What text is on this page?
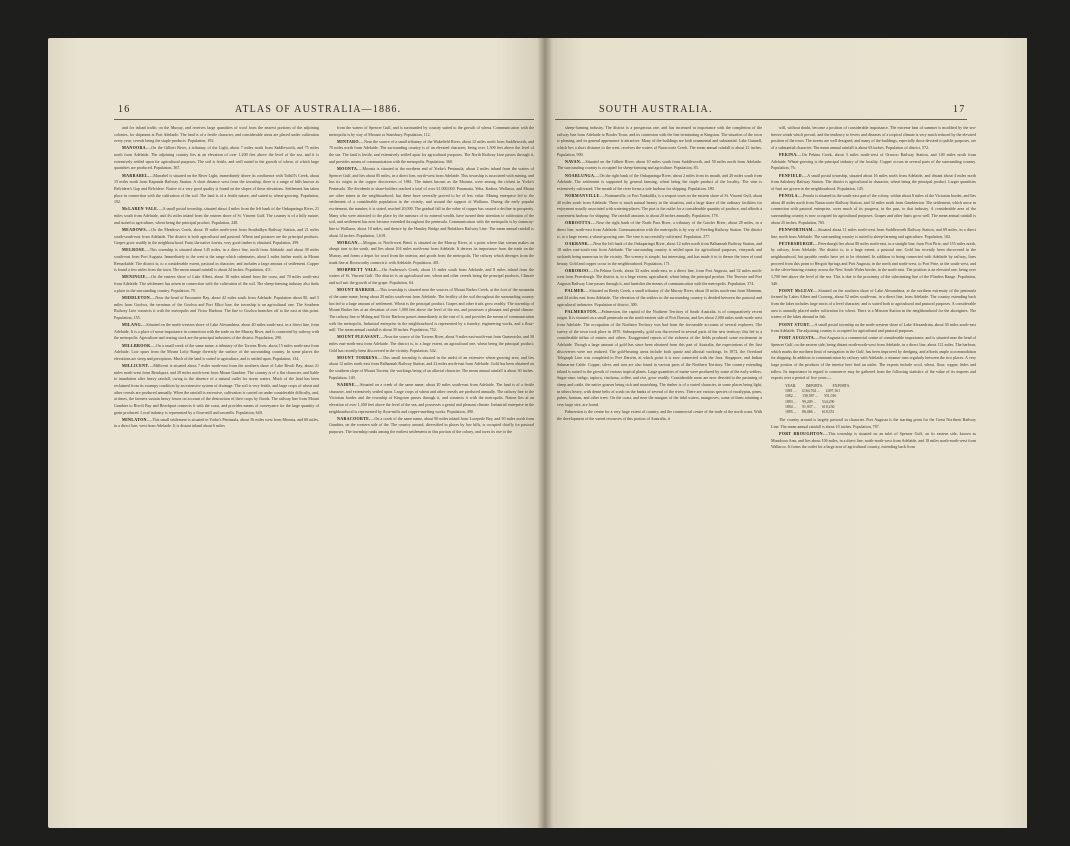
16	ATLAS OF AUSTRALIA—1886.

and for inland traffic on the Murray, and receives large quantities of wool from the nearest portions of the adjoining colonies, for shipment at Port Adelaide. The land is of a fertile character, and considerable areas are placed under cultivation every year; cereals being the staple products. Population, 192.

MANOORA.—On the Gilbert River, a tributary of the Light, about 7 miles north from Saddleworth, and 75 miles north from Adelaide. The adjoining country lies at an elevation of over 1,200 feet above the level of the sea, and it is extensively settled upon for agricultural purposes. The soil is fertile, and well suited to the growth of wheat, of which large quantities are produced. Population, 367.

MARRABEL.—Marrabel is situated on the River Light, immediately above its confluence with Tothill's Creek, about 15 miles north from Kapunda Railway Station. A short distance west from the township, there is a range of hills known as Belvidere's Gap and Belvidere. Native of a very good quality is found on the slopes of these elevations. Settlement has taken place in connection with the cultivation of the soil. The land is of a fertile nature, and suited to wheat-growing. Population, 192.

McLAREN VALE.—A small postal township, situated about 4 miles from the left bank of the Onkaparinga River, 21 miles south from Adelaide, and 4¼ miles inland from the eastern shore of St. Vincent Gulf. The country is of a hilly nature, and suited to agriculture, wheat being the principal product. Population, 248.

MEADOWS.—On the Meadows Creek, about 19 miles north-west from Strathalbyn Railway Station, and 21 miles south-south-east from Adelaide. The district is both agricultural and pastoral. Wheat and potatoes are the principal products. Grapes grow readily in the neighbourhood. From the native forests, very good timber is obtained. Population, 299.

MELROSE.—This township is situated about 145 miles, in a direct line, north from Adelaide, and about 38 miles south-east from Port Augusta. Immediately to the west is the range which culminates, about 2 miles further north, in Mount Remarkable. The district is, to a considerable extent, pastoral in character, and includes a large amount of settlement. Copper is found a few miles from the town. The mean annual rainfall is about 24 inches. Population, 411.

MENINGIE.—On the eastern shore of Lake Albert, about 10 miles inland from the coast, and 70 miles south-east from Adelaide. The settlement has arisen in connection with the cultivation of the soil. The sheep-farming industry also finds a place in the surrounding country. Population, 70.

MIDDLETON.—Near the head of Encounter Bay, about 42 miles south from Adelaide. Population about 80, and 5 miles from Goolwa, the terminus of the Goolwa and Port Elliot line; the township is an agricultural one. The Southern Railway Line connects it with the metropolis and Victor Harbour. The line to Goolwa branches off to the east at this point. Population, 155.

MILANG.—Situated on the north-western shore of Lake Alexandrina, about 40 miles south-east, in a direct line, from Adelaide. It is a place of some importance in connection with the trade on the Murray River, and is connected by railway with the metropolis. Agriculture and rearing stock are the principal industries of the district. Population, 290.

MILLBROOK.—On a small creek of the same name, a tributary of the Torrens River, about 15 miles north-east from Adelaide. Low spurs from the Mount Lofty Range diversify the surface of the surrounding country. In some places the elevations are steep and precipitous. Much of the land is suited to agriculture, and is settled upon. Population, 134.

MILLICENT.—Millicent is situated about 7 miles north-east from the southern shore of Lake Rivoli Bay, about 21 miles north-west from Beachport, and 29 miles north-west from Mount Gambier. The country is of a flat character, and liable to inundation after heavy rainfall, owing to the absence of a natural outlet for storm waters. Much of the land has been reclaimed from its swampy condition by an extensive system of drainage. The soil is very fertile, and large crops of wheat and other cereals are produced annually. When the rainfall is excessive, cultivation is carried on under considerable difficulty, and, at times, the farmers sustain heavy losses on account of the destruction of their crops by floods. The railway line from Mount Gambier to Rivoli Bay and Beachport connects it with the coast, and provides means of conveyance for the large quantity of grain produced. Local industry is represented by a flour-mill and sawmills. Population, 640.

MINLATON.—This small settlement is situated in Yorke's Peninsula, about 56 miles west from Moonta, and 60 miles, in a direct line, west from Adelaide. It is distant inland about 6 miles

from the waters of Spencer Gulf, and is surrounded by country suited to the growth of wheat. Communication with the metropolis is by way of Moonta or Stansbury. Population, 112.

MINTARO.—Near the source of a small tributary of the Wakefield River, about 12 miles north from Saddleworth, and 70 miles north from Adelaide. The surrounding country is of an elevated character, being over 1,500 feet above the level of the sea. The land is fertile, and extensively settled upon for agricultural purposes. The North Railway Line passes through it, and provides means of communication with the metropolis. Population, 360.

MOONTA.—Moonta is situated at the northern end of Yorke's Peninsula, about 2 miles inland from the waters of Spencer Gulf, and lies about 85 miles, in a direct line, north-west from Adelaide. This township is associated with mining, and has its origin in the copper discoveries of 1861. The mines known as the Moonta, were among the richest in Yorke's Peninsula. The dividends to share-holders reached a total of over £1,000,000. Paramatta, Yelta, Kadina, Wallaroo, and Mount are other mines in the neighbourhood, but these have severally proved to be of less value. Mining enterprise led to the settlement of a considerable population in the vicinity, and around the support of Wallaroo. During the early popular excitement, the number, it is stated, reached 20,000. The gradual fall in the value of copper has caused a decline in prosperity. Many who were attracted to the place by the rumours of its mineral wealth, have turned their attention to cultivation of the soil, and settlement has now become extended throughout the peninsula. Communication with the metropolis is by tramway-line to Wallaroo, about 10 miles, and thence by the Hamley Bridge and Balaklava Railway Line. The mean annual rainfall is about 14 inches. Population, 1,618.

MORGAN.—Morgan, or North-west Bend, is situated on the Murray River, at a point where that stream makes an abrupt turn to the south, and lies about 104 miles north-east from Adelaide. It derives its importance from the trade on the Murray, and forms a depot for wool from the interior, and goods from the metropolis. The railway which diverges from the trunk line at Roseworthy connects it with Adelaide. Population, 401.

MORPHETT VALE.—On Anderson's Creek, about 15 miles south from Adelaide, and 8 miles inland from the waters of St. Vincent Gulf. The district is an agricultural one, wheat and other cereals being the principal products. Climate and soil suit the growth of the grape. Population, 64.

MOUNT BARKER.—This township is situated near the sources of Mount Barker Creek, at the foot of the mountain of the same name, being about 20 miles south-east from Adelaide. The fertility of the soil throughout the surrounding country has led to a large amount of settlement. Wheat is the principal product. Grapes and other fruits grow readily. The township of Mount Barker lies at an elevation of over 1,000 feet above the level of the sea, and possesses a pleasant and genial climate. The railway line to Milang and Victor Harbour passes immediately to the east of it, and provides the means of communication with the metropolis. Industrial enterprise in the neighbourhood is represented by a foundry, engineering works, and a flour-mill. The mean annual rainfall is about 30 inches. Population, 752.

MOUNT PLEASANT.—Near the source of the Torrens River, about 9 miles east-north-east from Gumeracha, and 30 miles east-north-east from Adelaide. The district is, to a large extent, an agricultural one, wheat being the principal product. Gold has recently been discovered in the vicinity. Population, 342.

MOUNT TORRENS.—This small township is situated in the midst of an extensive wheat-growing area, and lies about 12 miles north-east from Balhannah Railway Station, and 22 miles north-east from Adelaide. Gold has been obtained on the southern slope of Mount Torrens, the workings being of an alluvial character. The mean annual rainfall is about 30 inches. Population, 140.

NAIRNE.—Situated on a creek of the same name, about 20 miles south-east from Adelaide. The land is of a fertile character, and extensively settled upon. Large crops of wheat and other cereals are produced annually. The railway line to the Victorian border and the township of Kingston passes through it, and connects it with the metropolis. Nairne lies at an elevation of over 1,300 feet above the level of the sea, and possesses a genial and pleasant climate. Industrial enterprise in the neighbourhood is represented by flour-mills and copper-smelting works. Population, 490.

NARACOORTE.—On a creek of the same name, about 90 miles inland from Lacepede Bay, and 50 miles north from Gambier, on the western side of the. The country around, diversified in places by low hills, is occupied chiefly for pastoral purposes. The township ranks among the earliest settlements in this portion of the colony, and owes its rise to the

SOUTH AUSTRALIA.	17

sheep-farming industry. The district is a prosperous one, and has increased in importance with the completion of the railway line from Adelaide to Border Town, and its connexion with the line terminating at Kingston. The situation of the town is pleasing, and its general appearance is attractive. Many of the buildings are both ornamental and substantial. Lake Gunnell, which lies a short distance to the west, receives the waters of Naracoorte Creek. The mean annual rainfall is about 21 inches. Population, 900.

NAVAN.—Situated on the Gilbert River, about 10 miles south from Saddleworth, and 50 miles north from Adelaide. The surrounding country is occupied for sheep-farming and agriculture. Population, 83.

NOARLUNGA.—On the right bank of the Onkaparinga River, about 2 miles from its mouth, and 20 miles south from Adelaide. The settlement is supported by general farming, wheat being the staple product of the locality. The vine is extensively cultivated. The mouth of the river forms a safe harbour for shipping. Population, 180.

NORMANVILLE.—Normanville, or Port Yankalilla, is a seaport town on the eastern shore of St. Vincent Gulf, about 40 miles south from Adelaide. There is much natural beauty in the situation, and a large share of the ordinary facilities for enjoyment usually associated with watering-places. The port is the outlet for a considerable quantity of produce, and affords a convenient harbour for shipping. The rainfall amounts to about 20 inches annually. Population, 178.

ORROOTTA.—Near the right bank of the North Para River, a tributary of the Gawler River, about 28 miles, in a direct line, north-east from Adelaide. Communication with the metropolis is by way of Freeling Railway Station. The district is, to a large extent, a wheat-growing one. The vine is successfully cultivated. Population, 277.

OAKBANK.—Near the left bank of the Onkaparinga River, about 12 miles north from Balhannah Railway Station, and 18 miles east-south-east from Adelaide. The surrounding country is settled upon for agricultural purposes, vineyards and orchards being numerous in the vicinity. The scenery is simple, but interesting, and has made it to to thence the town of rural beauty. Gold and copper occur in the neighbourhood. Population, 171.

ORROROO.—On Pekina Creek, about 32 miles north-east, in a direct line, from Port Augusta, and 52 miles north-west from Petersburgh. The district is, to a large extent, agricultural, wheat being the principal product. The Terowie and Port Augusta Railway Line passes through it, and furnishes the means of communication with the metropolis. Population, 374.

PALMER.—Situated on Reedy Creek, a small tributary of the Murray River, about 10 miles north-east from Mannum, and 44 miles east from Adelaide. The elevation of the settlers in the surrounding country is divided between the pastoral and agricultural industries. Population of district, 300.

PALMERSTON.—Palmerston, the capital of the Northern Territory of South Australia, is of comparatively recent origin. It is situated on a small peninsula on the north-eastern side of Port Darwin, and lies about 2,000 miles north-north-west from Adelaide. The occupation of the Northern Territory was had from the favourable accounts of several explorers. The survey of the town took place in 1870. Subsequently, gold was discovered in several parts of the new territory; this led to a considerable influx of miners and others. Exaggerated reports of the richness of the fields produced some excitement in Adelaide. Though a large amount of gold has since been obtained from this part of Australia, the expectations of the first discoverers were not realized. The gold-bearing areas include both quartz and alluvial workings. In 1872, the Overland Telegraph Line was completed to Port Darwin, at which point it is now connected with the Java, Singapore, and Indian Submarine Cable. Copper, silver, and iron are also found in various parts of the Northern Territory. The country extending inland is suited to the growth of various tropical plants. Large quantities of maize were produced by some of the early settlers. Sugar-cane, indigo, tapioca, cinchona, coffee, and rice, grow readily. Considerable areas are now devoted to the pasturing of sheep and cattle, the native grasses being rich and nourishing. The timber is of a varied character, in some places being light, in others heavy, with dense belts of scrub on the banks of several of the rivers. There are various species of eucalyptus, pines, palms, banians, and other trees. On the coast, and near the margins of the tidal waters, mangroves, some of them attaining a very large size, are found.

Palmerston is the centre for a very large extent of country, and the commercial centre of the trade of the north coast. With the development of the varied resources of this portion of Australia, it

will, without doubt, become a position of considerable importance. The extreme heat of summer is modified by the sea-breeze winds which prevail, and the tendency to fevers and diseases of a tropical climate is very much reduced by the elevated position of the town. The streets are well designed, and many of the buildings, especially those devoted to public purposes, are of a substantial character. The mean annual rainfall is about 63 inches. Population of district, 572.

PEKINA.—On Pekina Creek, about 3 miles north-west of Orroroo Railway Station, and 140 miles north from Adelaide. Wheat-growing is the principal industry of the locality. Copper occurs in several parts of the surrounding country. Population, 76.

PENFIELD.—A small postal township, situated about 16 miles north from Adelaide, and distant about 4 miles north from Salisbury Railway Station. The district is agricultural in character, wheat being the principal product. Larger quantities of fruit are grown in the neighbourhood. Population, 145.

PENOLA.—Penola is situated in the south-east part of the colony, within about 8 miles of the Victorian border, and lies about 40 miles north from Narracoorte Railway Station, and 32 miles north from Gambierton. The settlement, which arose in connection with pastoral enterprise, owes much of its progress, in the past, to that industry. A considerable area of the surrounding country is now occupied for agricultural purposes. Grapes and other fruits grow well. The mean annual rainfall is about 25 inches. Population, 765.

PENWORTHAM.—Situated about 11 miles north-west from Saddleworth Railway Station, and 69 miles, in a direct line, north from Adelaide. The surrounding country is suited to sheep-farming and agriculture. Population, 102.

PETERSBURGH.—Petersburgh lies about 80 miles north-east, in a straight line, from Port Pirie, and 155 miles north, by railway, from Adelaide. The district is, to a large extent, a pastoral one. Gold has recently been discovered in the neighbourhood, but payable results have yet to be obtained. In addition to being connected with Adelaide by railway, lines proceed from this point to Hergott Springs and Port Augusta, in the north and north-west, to Port Pirie, in the south-west, and to the silver-bearing country across the New South Wales border, in the north-east. The position is an elevated one, being over 1,700 feet above the level of the sea. This is due to the proximity of the culminating line of the Flinders Range. Population, 346.

POINT McLEAY.—Situated on the southern shore of Lake Alexandrina, at the northern extremity of the peninsula formed by Lakes Albert and Coorong, about 52 miles south-east, in a direct line, from Adelaide. The country extending back from the lakes includes large tracts of a level character, and is suited both to agricultural and pastoral purposes. A considerable area is annually placed under cultivation for wheat. There is a Mission Station in the neighbourhood for the aborigines. The waters of the lakes abound in fish.

POINT STURT.—A small postal township on the north-western shore of Lake Alexandrina, about 30 miles south-east from Adelaide. The adjoining country is occupied for agricultural and pastoral purposes.

PORT AUGUSTA.—Port Augusta is a commercial centre of considerable importance, and is situated near the head of Spencer Gulf, on the eastern side, being distant north-north-west from Adelaide, in a direct line, about 112 miles. The harbour, which marks the northern limit of navigation in the Gulf, has been improved by dredging, and affords ample accommodation for shipping. In addition to communication by railway with Adelaide, a steamer runs regularly between the two places. A very large portion of the products of the interior here find an outlet. The exports include wool, wheat, flour, copper, hides and tallow. Its importance in regard to commerce may be gathered from the following statistics of the value of its imports and exports over a period of five years:—

YEAR.          IMPORTS.          EXPORTS.
1881 ...      £164,762 ...      £497,161
1882 ...      138,587 ...      551,016
1883 ...      99,209 ...      534,290
1884 ...      91,937 ...      618,236
1885 ...      86,066 ...      618,351

The country around is largely pastoral in character. Port Augusta is the starting point for the Great Northern Railway Line. The mean annual rainfall is about 10 inches. Population, 787.

PORT BROUGHTON.—This township is situated on an inlet of Spencer Gulf, on its eastern side, known as Mundoora Arm, and lies about 100 miles, in a direct line, north-north-west from Adelaide, and 18 miles north-north-west from Wallaroo. It forms the outlet for a large area of agricultural country, extending back from
